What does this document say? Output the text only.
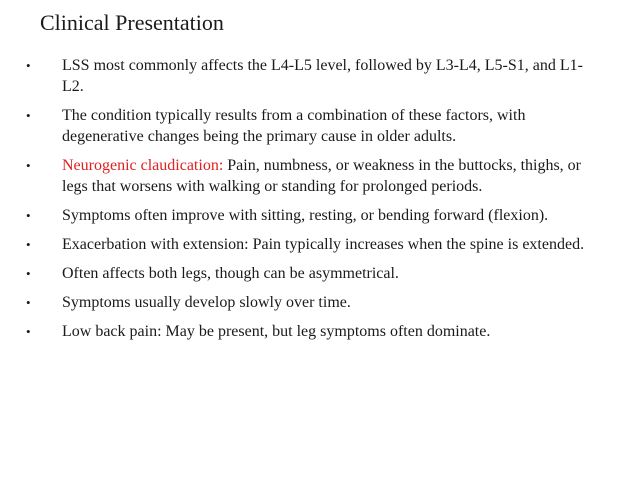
Clinical Presentation
•	LSS most commonly affects the L4-L5 level, followed by L3-L4, L5-S1, and L1-L2.
•	The condition typically results from a combination of these factors, with degenerative changes being the primary cause in older adults.
•	Neurogenic claudication: Pain, numbness, or weakness in the buttocks, thighs, or legs that worsens with walking or standing for prolonged periods.
•	Symptoms often improve with sitting, resting, or bending forward (flexion).
•	Exacerbation with extension: Pain typically increases when the spine is extended.
•	Often affects both legs, though can be asymmetrical.
•	Symptoms usually develop slowly over time.
•	Low back pain: May be present, but leg symptoms often dominate.
